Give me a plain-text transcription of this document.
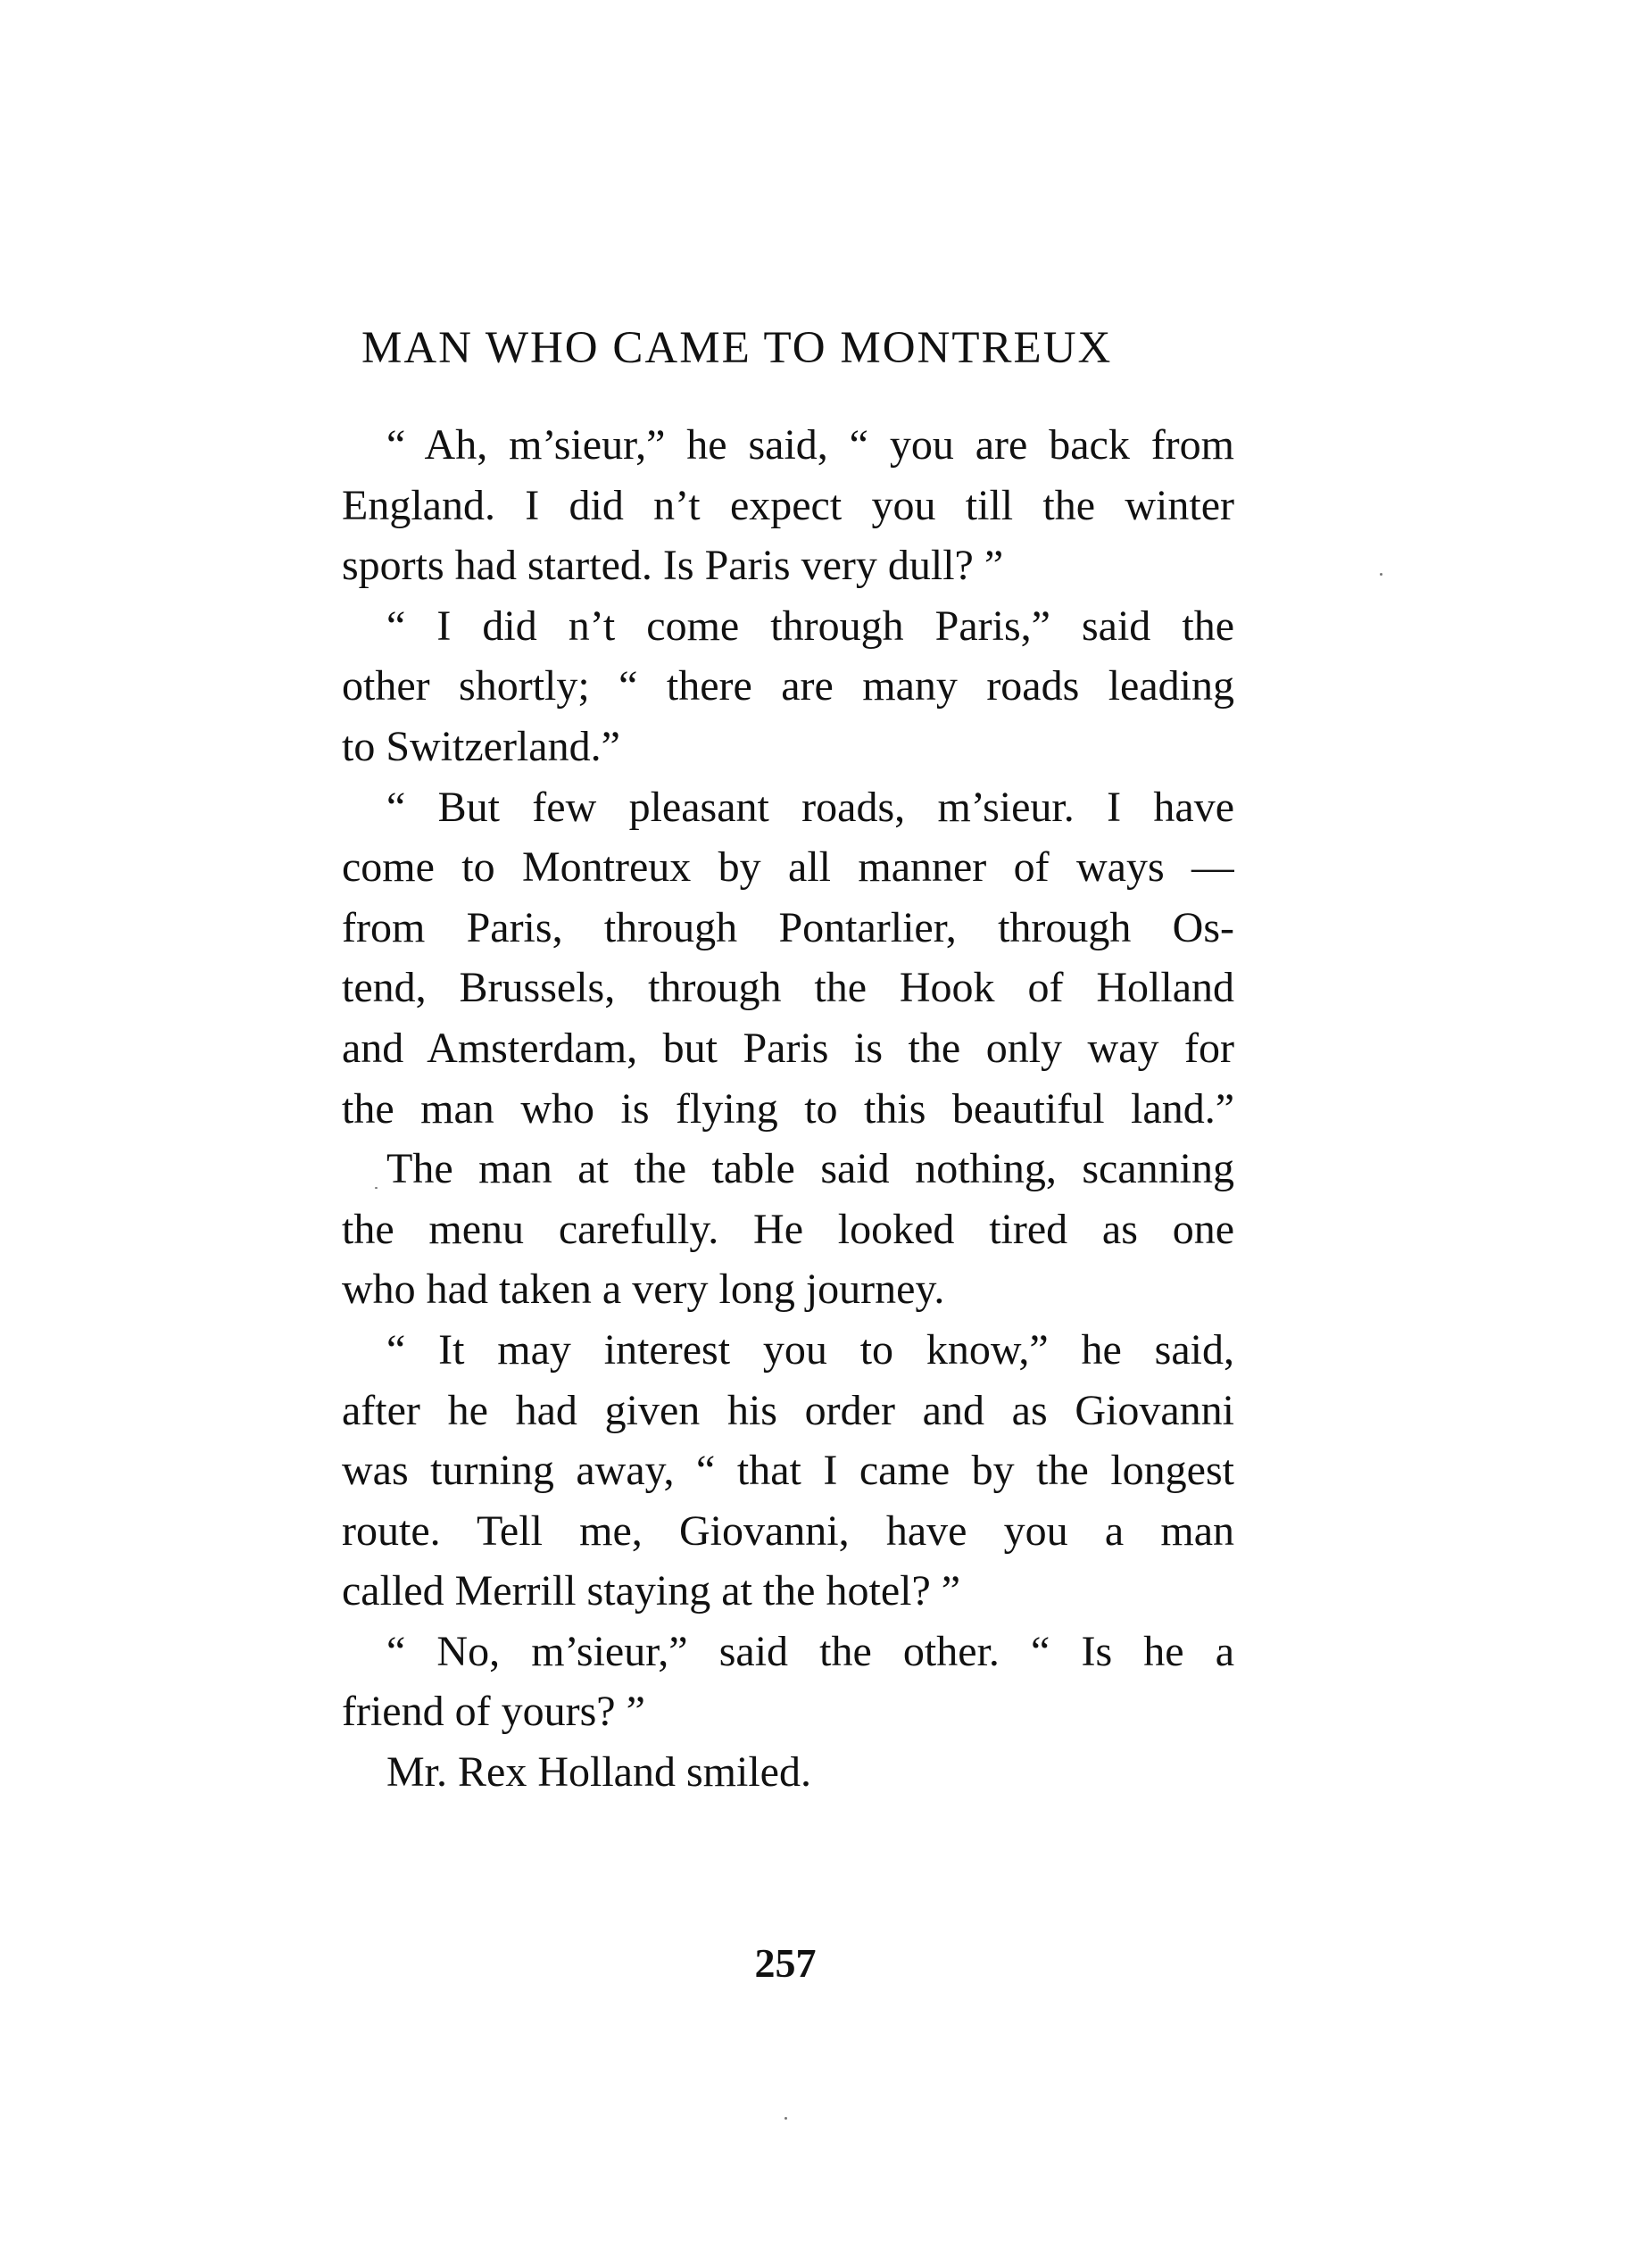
MAN WHO CAME TO MONTREUX
“ Ah, m’sieur,” he said, “ you are back from
England. I did n’t expect you till the winter
sports had started. Is Paris very dull? ”
“ I did n’t come through Paris,” said the
other shortly; “ there are many roads leading
to Switzerland.”
“ But few pleasant roads, m’sieur. I have
come to Montreux by all manner of ways —
from Paris, through Pontarlier, through Os-
tend, Brussels, through the Hook of Holland
and Amsterdam, but Paris is the only way for
the man who is flying to this beautiful land.”
The man at the table said nothing, scanning
the menu carefully. He looked tired as one
who had taken a very long journey.
“ It may interest you to know,” he said,
after he had given his order and as Giovanni
was turning away, “ that I came by the longest
route. Tell me, Giovanni, have you a man
called Merrill staying at the hotel? ”
“ No, m’sieur,” said the other. “ Is he a
friend of yours? ”
Mr. Rex Holland smiled.
257
